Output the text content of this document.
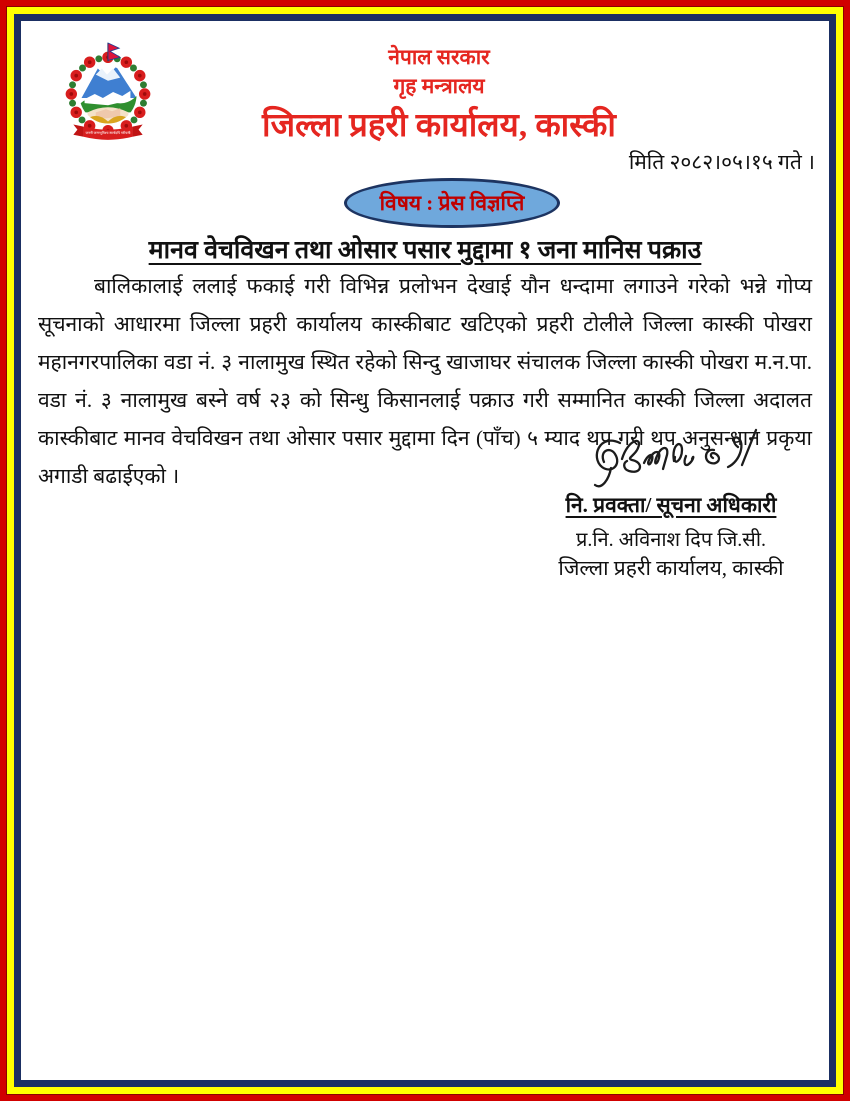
जननी जन्मभूमिश्च स्वर्गादपि गरीयसी
नेपाल सरकार
गृह मन्त्रालय
जिल्ला प्रहरी कार्यालय, कास्की
मिति २०८२।०५।१५ गते ।
विषय : प्रेस विज्ञप्ति
मानव वेचविखन तथा ओसार पसार मुद्दामा १ जना मानिस पक्राउ

बालिकालाई ललाई फकाई गरी विभिन्न प्रलोभन देखाई यौन धन्दामा लगाउने गरेको भन्ने गोप्य सूचनाको आधारमा जिल्ला प्रहरी कार्यालय कास्कीबाट खटिएको प्रहरी टोलीले जिल्ला कास्की पोखरा महानगरपालिका वडा नं. ३ नालामुख स्थित रहेको सिन्दु खाजाघर संचालक जिल्ला कास्की पोखरा म.न.पा. वडा नं. ३ नालामुख बस्ने वर्ष २३ को सिन्धु किसानलाई पक्राउ गरी सम्मानित कास्की जिल्ला अदालत कास्कीबाट मानव वेचविखन तथा ओसार पसार मुद्दामा दिन (पाँच) ५ म्याद थप गरी थप अनुसन्धान प्रकृया अगाडी बढाईएको ।

नि. प्रवक्ता/ सूचना अधिकारी
प्र.नि. अविनाश दिप जि.सी.
जिल्ला प्रहरी कार्यालय, कास्की
